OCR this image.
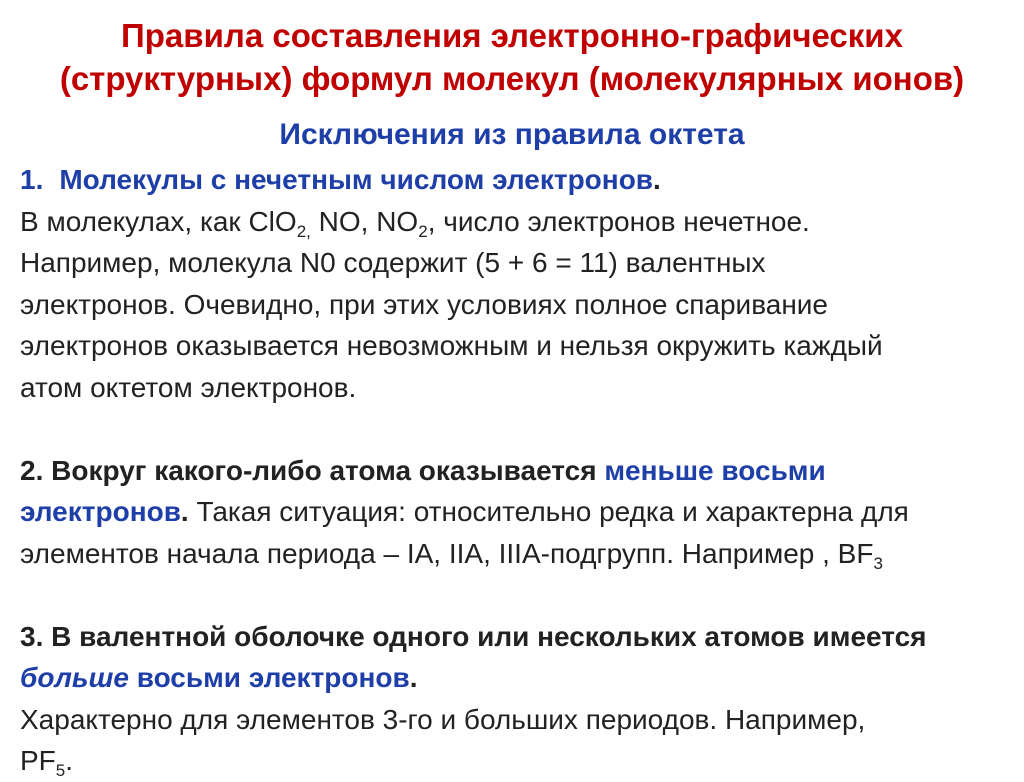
Правила составления электронно-графических
(структурных) формул молекул (молекулярных ионов)
Исключения из правила октета

1. Молекулы с нечетным числом электронов.

В молекулах, как ClO$_{2,}$ NO, $NO_2$, число электронов нечетное.

Например, молекула N0 содержит (5 + 6 = 11) валентных

электронов. Очевидно, при этих условиях полное спаривание

электронов оказывается невозможным и нельзя окружить каждый

атом октетом электронов.

2. Вокруг какого-либо атома оказывается меньше восьми

электронов. Такая ситуация: относительно редка и характерна для

элементов начала периода – IA, IIA, IIIA-подгрупп. Например , $BF_3$

3. В валентной оболочке одного или нескольких атомов имеется

больше восьми электронов.

Характерно для элементов 3-го и больших периодов. Например,

$PF_5$.
